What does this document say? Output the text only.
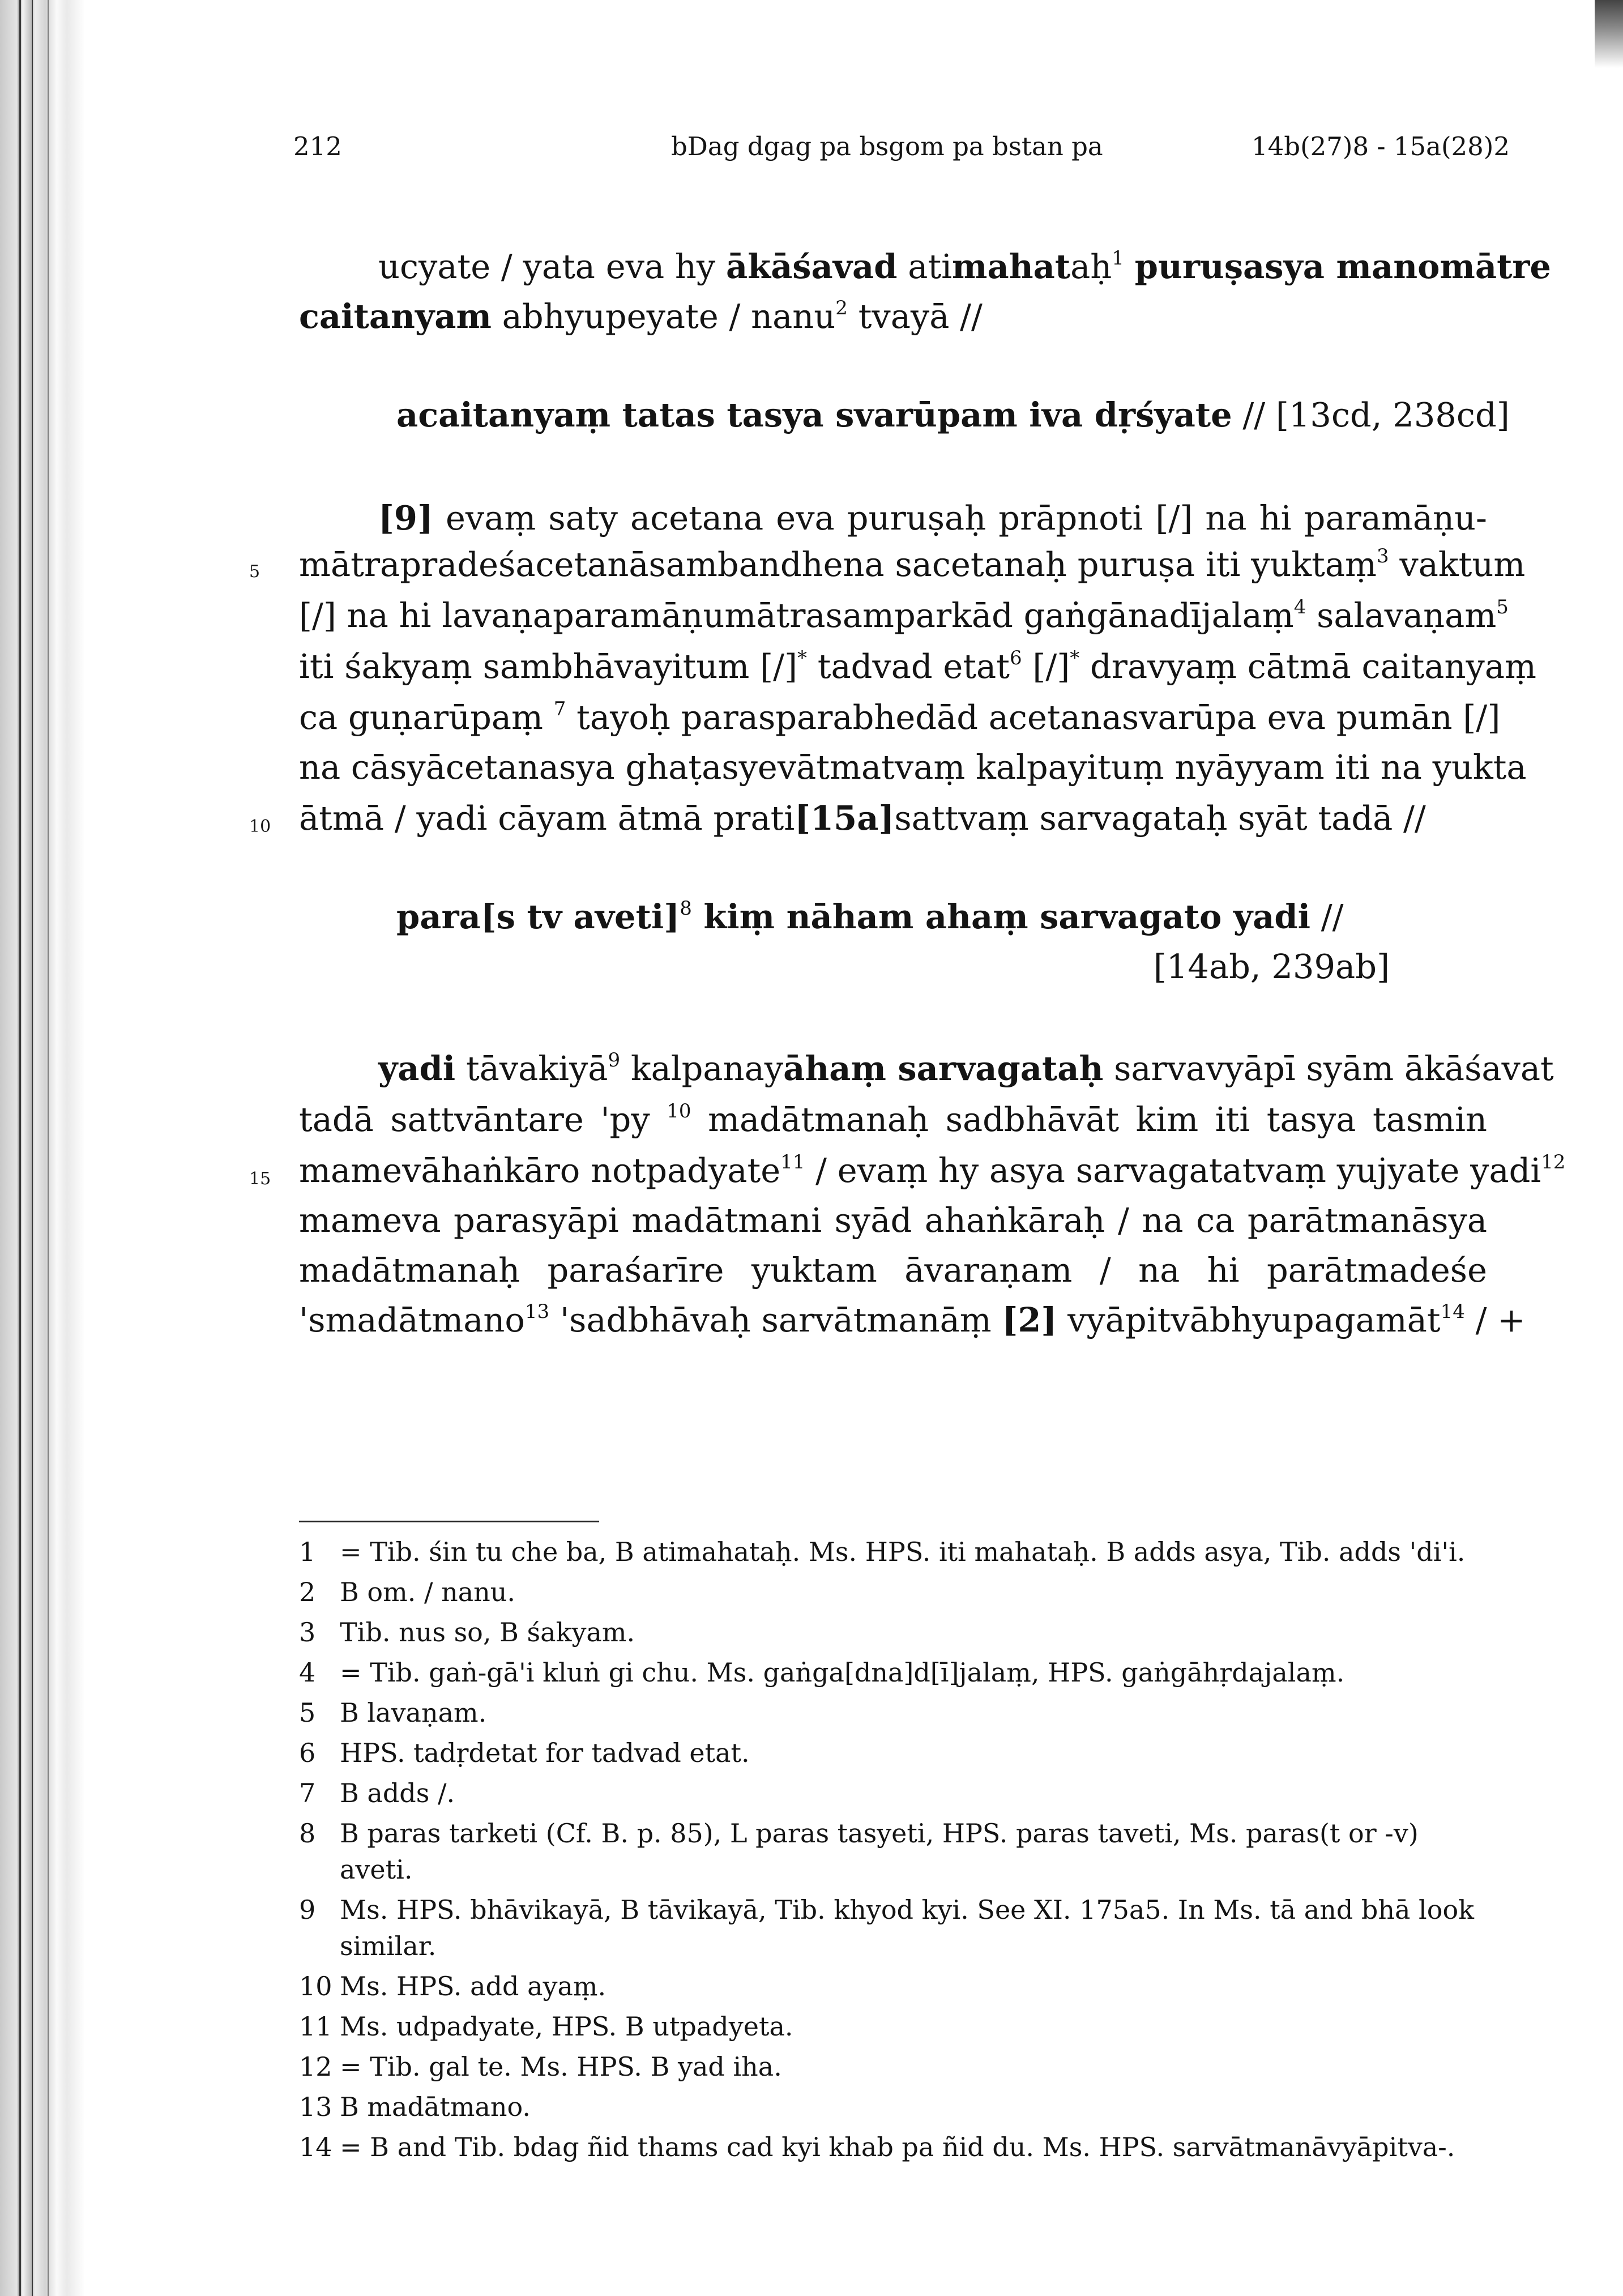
212	bDag dgag pa bsgom pa bstan pa	14b(27)8 - 15a(28)2
5
10
15
ucyate / yata eva hy ākāśavad atimahataḥ$^1$ puruṣasya manomātre
caitanyam abhyupeyate / nanu$^2$ tvayā //
acaitanyaṃ tatas tasya svarūpam iva dṛśyate // [13cd, 238cd]
[9] evaṃ saty acetana eva puruṣaḥ prāpnoti [/] na hi paramāṇu-
mātrapradeśacetanāsambandhena sacetanaḥ puruṣa iti yuktaṃ$^3$ vaktum
[/] na hi lavaṇaparamāṇumātrasamparkād gaṅgānadījalaṃ$^4$ salavaṇam$^5$
iti śakyaṃ sambhāvayitum [/]* tadvad etat$^6$ [/]* dravyaṃ cātmā caitanyaṃ
ca guṇarūpaṃ $^7$ tayoḥ parasparabhedād acetanasvarūpa eva pumān [/]
na cāsyācetanasya ghaṭasyevātmatvaṃ kalpayituṃ nyāyyam iti na yukta
ātmā / yadi cāyam ātmā prati[15a]sattvaṃ sarvagataḥ syāt tadā //
para[s tv aveti]$^8$ kiṃ nāham ahaṃ sarvagato yadi //
[14ab, 239ab]
yadi tāvakiyā$^9$ kalpanayāhaṃ sarvagataḥ sarvavyāpī syām ākāśavat
tadā sattvāntare 'py $^{10}$ madātmanaḥ sadbhāvāt kim iti tasya tasmin
mamevāhaṅkāro notpadyate$^{11}$ / evaṃ hy asya sarvagatatvaṃ yujyate yadi$^{12}$
mameva parasyāpi madātmani syād ahaṅkāraḥ / na ca parātmanāsya
madātmanaḥ paraśarīre yuktam āvaraṇam / na hi parātmadeśe
'smadātmano$^{13}$ 'sadbhāvaḥ sarvātmanāṃ [2] vyāpitvābhyupagamāt$^{14}$ / +
1 = Tib. śin tu che ba, B atimahataḥ. Ms. HPS. iti mahataḥ. B adds asya, Tib. adds 'di'i.
2 B om. / nanu.
3 Tib. nus so, B śakyam.
4 = Tib. gaṅ-gā'i kluṅ gi chu. Ms. gaṅga[dna]d[ī]jalaṃ, HPS. gaṅgāhṛdajalaṃ.
5 B lavaṇam.
6 HPS. tadṛdetat for tadvad etat.
7 B adds /.
8 B paras tarketi (Cf. B. p. 85), L paras tasyeti, HPS. paras taveti, Ms. paras(t or -v) aveti.
9 Ms. HPS. bhāvikayā, B tāvikayā, Tib. khyod kyi. See XI. 175a5. In Ms. tā and bhā look similar.
10 Ms. HPS. add ayaṃ.
11 Ms. udpadyate, HPS. B utpadyeta.
12 = Tib. gal te. Ms. HPS. B yad iha.
13 B madātmano.
14 = B and Tib. bdag ñid thams cad kyi khab pa ñid du. Ms. HPS. sarvātmanāvyāpitva-.
